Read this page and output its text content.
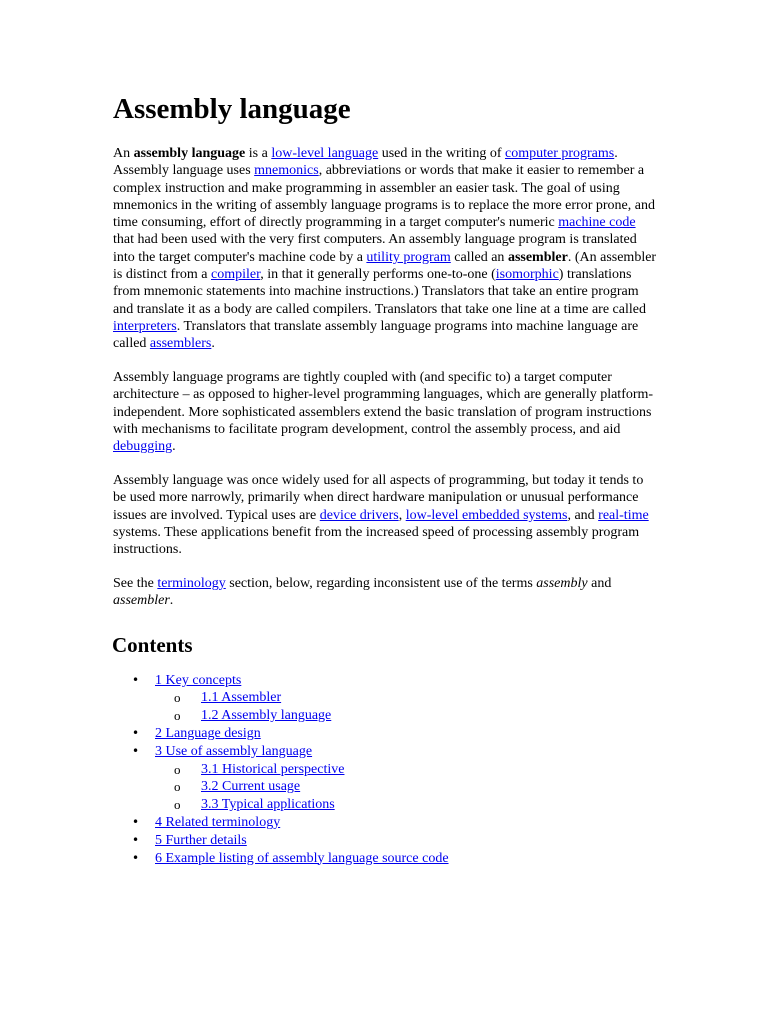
Assembly language

An assembly language is a low-level language used in the writing of computer programs. Assembly language uses mnemonics, abbreviations or words that make it easier to remember a complex instruction and make programming in assembler an easier task. The goal of using mnemonics in the writing of assembly language programs is to replace the more error prone, and time consuming, effort of directly programming in a target computer's numeric machine code that had been used with the very first computers. An assembly language program is translated into the target computer's machine code by a utility program called an assembler. (An assembler is distinct from a compiler, in that it generally performs one-to-one (isomorphic) translations from mnemonic statements into machine instructions.) Translators that take an entire program and translate it as a body are called compilers. Translators that take one line at a time are called interpreters. Translators that translate assembly language programs into machine language are called assemblers.

Assembly language programs are tightly coupled with (and specific to) a target computer architecture – as opposed to higher-level programming languages, which are generally platform-independent. More sophisticated assemblers extend the basic translation of program instructions with mechanisms to facilitate program development, control the assembly process, and aid debugging.

Assembly language was once widely used for all aspects of programming, but today it tends to be used more narrowly, primarily when direct hardware manipulation or unusual performance issues are involved. Typical uses are device drivers, low-level embedded systems, and real-time systems. These applications benefit from the increased speed of processing assembly program instructions.

See the terminology section, below, regarding inconsistent use of the terms assembly and assembler.

Contents
• 1 Key concepts
o 1.1 Assembler
o 1.2 Assembly language
• 2 Language design
• 3 Use of assembly language
o 3.1 Historical perspective
o 3.2 Current usage
o 3.3 Typical applications
• 4 Related terminology
• 5 Further details
• 6 Example listing of assembly language source code
